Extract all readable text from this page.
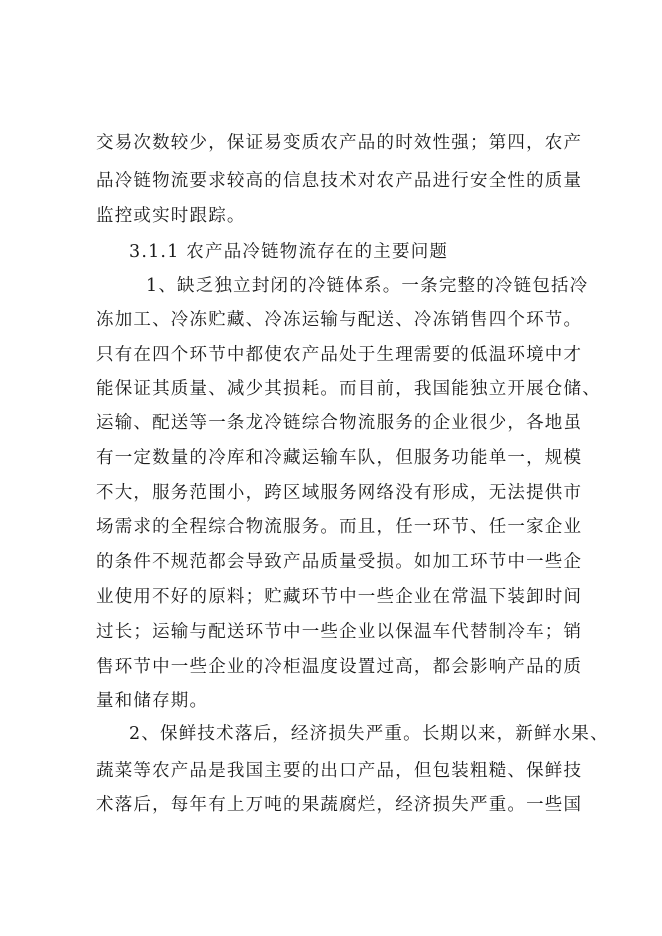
交易次数较少，保证易变质农产品的时效性强；第四，农产
品冷链物流要求较高的信息技术对农产品进行安全性的质量
监控或实时跟踪。
3.1.1 农产品冷链物流存在的主要问题
1、缺乏独立封闭的冷链体系。一条完整的冷链包括冷
冻加工、冷冻贮藏、冷冻运输与配送、冷冻销售四个环节。
只有在四个环节中都使农产品处于生理需要的低温环境中才
能保证其质量、减少其损耗。而目前，我国能独立开展仓储、
运输、配送等一条龙冷链综合物流服务的企业很少，各地虽
有一定数量的冷库和冷藏运输车队，但服务功能单一，规模
不大，服务范围小，跨区域服务网络没有形成，无法提供市
场需求的全程综合物流服务。而且，任一环节、任一家企业
的条件不规范都会导致产品质量受损。如加工环节中一些企
业使用不好的原料；贮藏环节中一些企业在常温下装卸时间
过长；运输与配送环节中一些企业以保温车代替制冷车；销
售环节中一些企业的冷柜温度设置过高，都会影响产品的质
量和储存期。
2、保鲜技术落后，经济损失严重。长期以来，新鲜水果、
蔬菜等农产品是我国主要的出口产品，但包装粗糙、保鲜技
术落后，每年有上万吨的果蔬腐烂，经济损失严重。一些国
